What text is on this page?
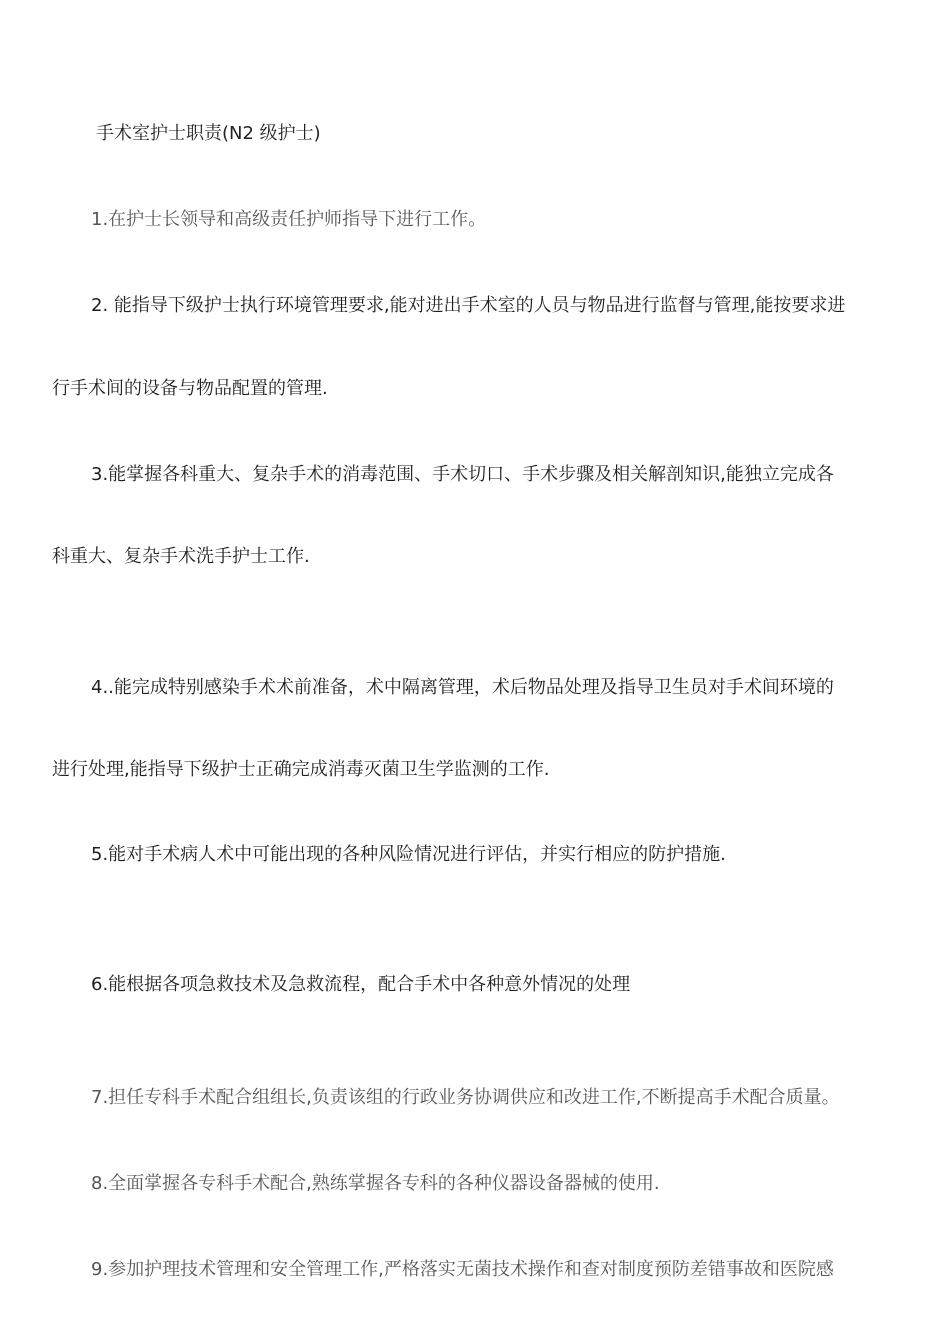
手术室护士职责(N2 级护士)
1.在护士长领导和高级责任护师指导下进行工作。
2. 能指导下级护士执行环境管理要求,能对进出手术室的人员与物品进行监督与管理,能按要求进
行手术间的设备与物品配置的管理.
3.能掌握各科重大、复杂手术的消毒范围、手术切口、手术步骤及相关解剖知识,能独立完成各
科重大、复杂手术洗手护士工作.
4..能完成特别感染手术术前准备，术中隔离管理，术后物品处理及指导卫生员对手术间环境的
进行处理,能指导下级护士正确完成消毒灭菌卫生学监测的工作.
5.能对手术病人术中可能出现的各种风险情况进行评估，并实行相应的防护措施.
6.能根据各项急救技术及急救流程，配合手术中各种意外情况的处理
7.担任专科手术配合组组长,负责该组的行政业务协调供应和改进工作,不断提高手术配合质量。
8.全面掌握各专科手术配合,熟练掌握各专科的各种仪器设备器械的使用.
9.参加护理技术管理和安全管理工作,严格落实无菌技术操作和查对制度预防差错事故和医院感
